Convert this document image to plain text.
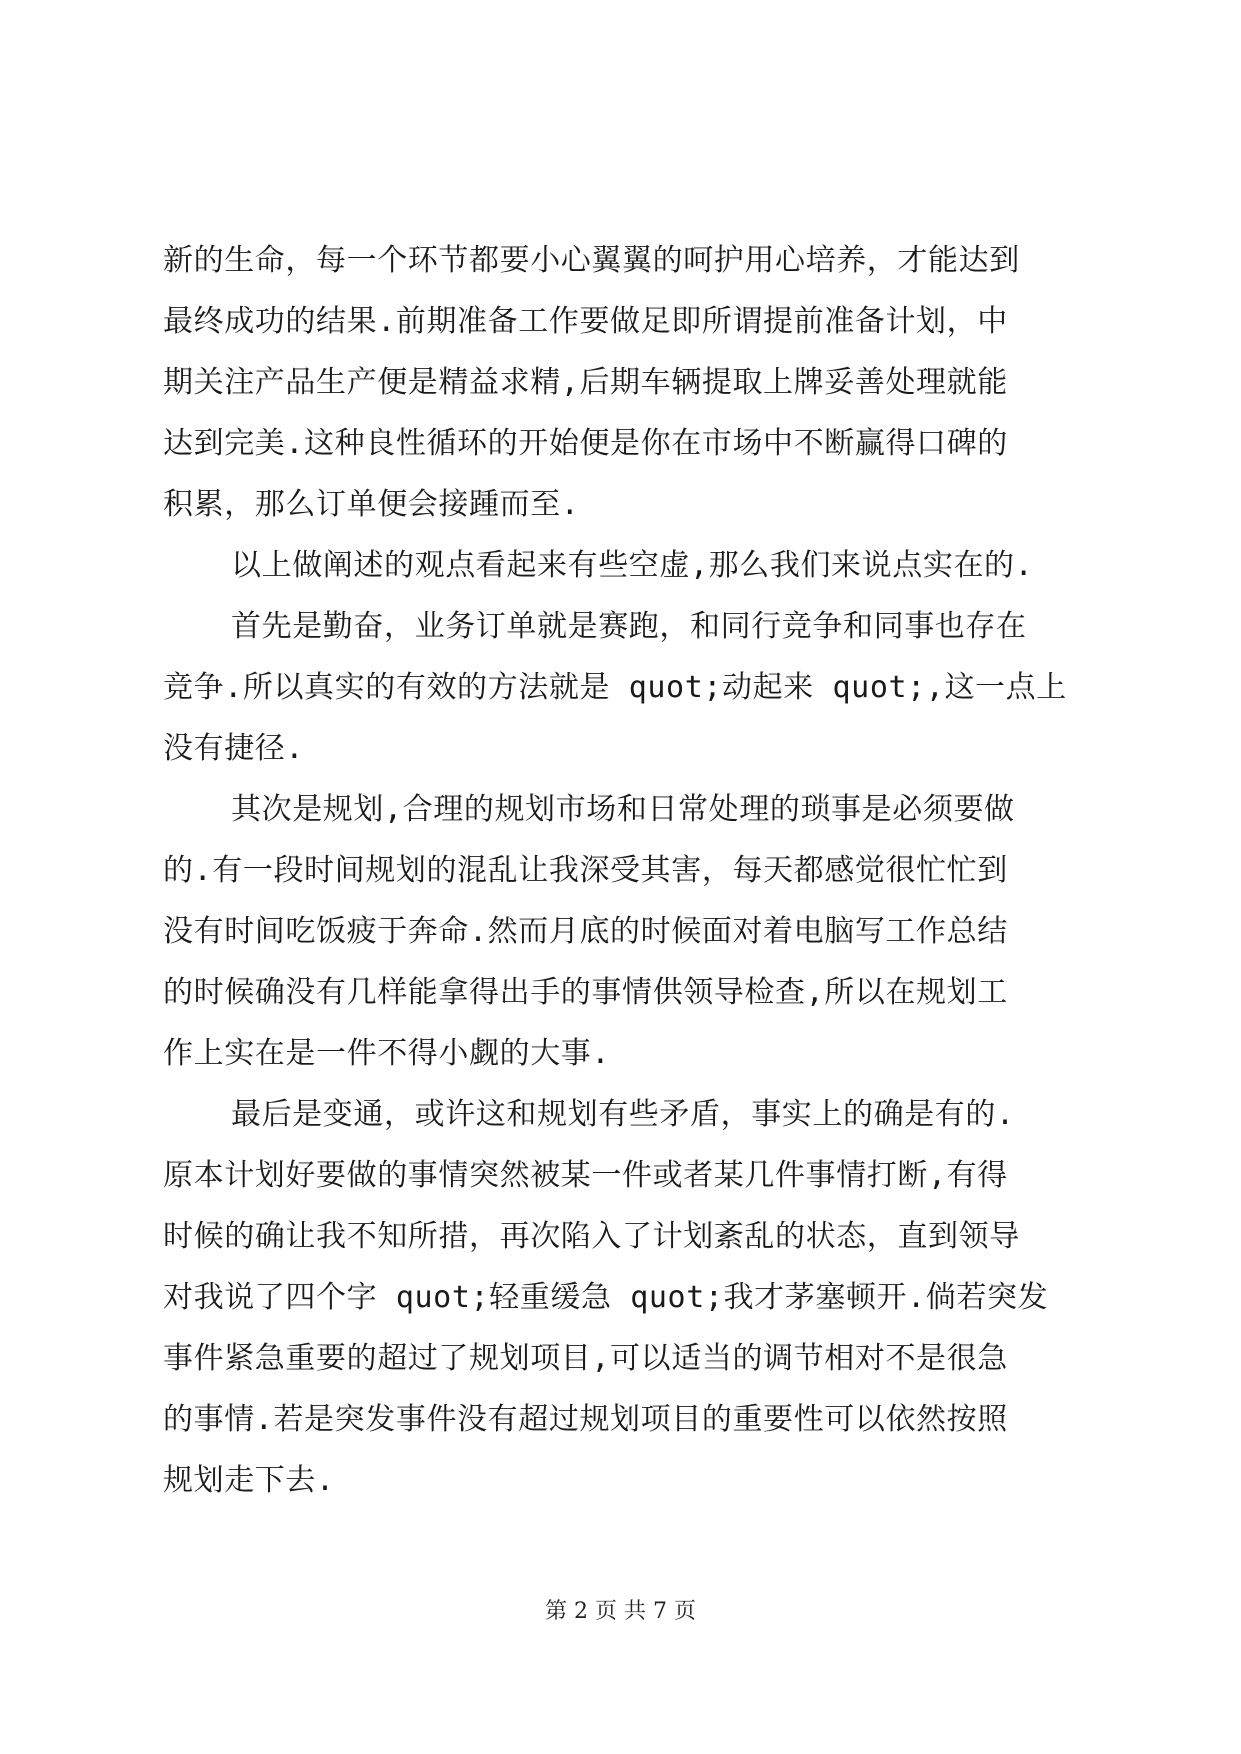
新的生命，每一个环节都要小心翼翼的呵护用心培养，才能达到
最终成功的结果.前期准备工作要做足即所谓提前准备计划，中
期关注产品生产便是精益求精,后期车辆提取上牌妥善处理就能
达到完美.这种良性循环的开始便是你在市场中不断赢得口碑的
积累，那么订单便会接踵而至.
以上做阐述的观点看起来有些空虚,那么我们来说点实在的.
首先是勤奋，业务订单就是赛跑，和同行竞争和同事也存在
竞争.所以真实的有效的方法就是 quot;动起来 quot;,这一点上
没有捷径.
其次是规划,合理的规划市场和日常处理的琐事是必须要做
的.有一段时间规划的混乱让我深受其害，每天都感觉很忙忙到
没有时间吃饭疲于奔命.然而月底的时候面对着电脑写工作总结
的时候确没有几样能拿得出手的事情供领导检查,所以在规划工
作上实在是一件不得小觑的大事.
最后是变通，或许这和规划有些矛盾，事实上的确是有的.
原本计划好要做的事情突然被某一件或者某几件事情打断,有得
时候的确让我不知所措，再次陷入了计划紊乱的状态，直到领导
对我说了四个字 quot;轻重缓急 quot;我才茅塞顿开.倘若突发
事件紧急重要的超过了规划项目,可以适当的调节相对不是很急
的事情.若是突发事件没有超过规划项目的重要性可以依然按照
规划走下去.
第 2 页 共 7 页
